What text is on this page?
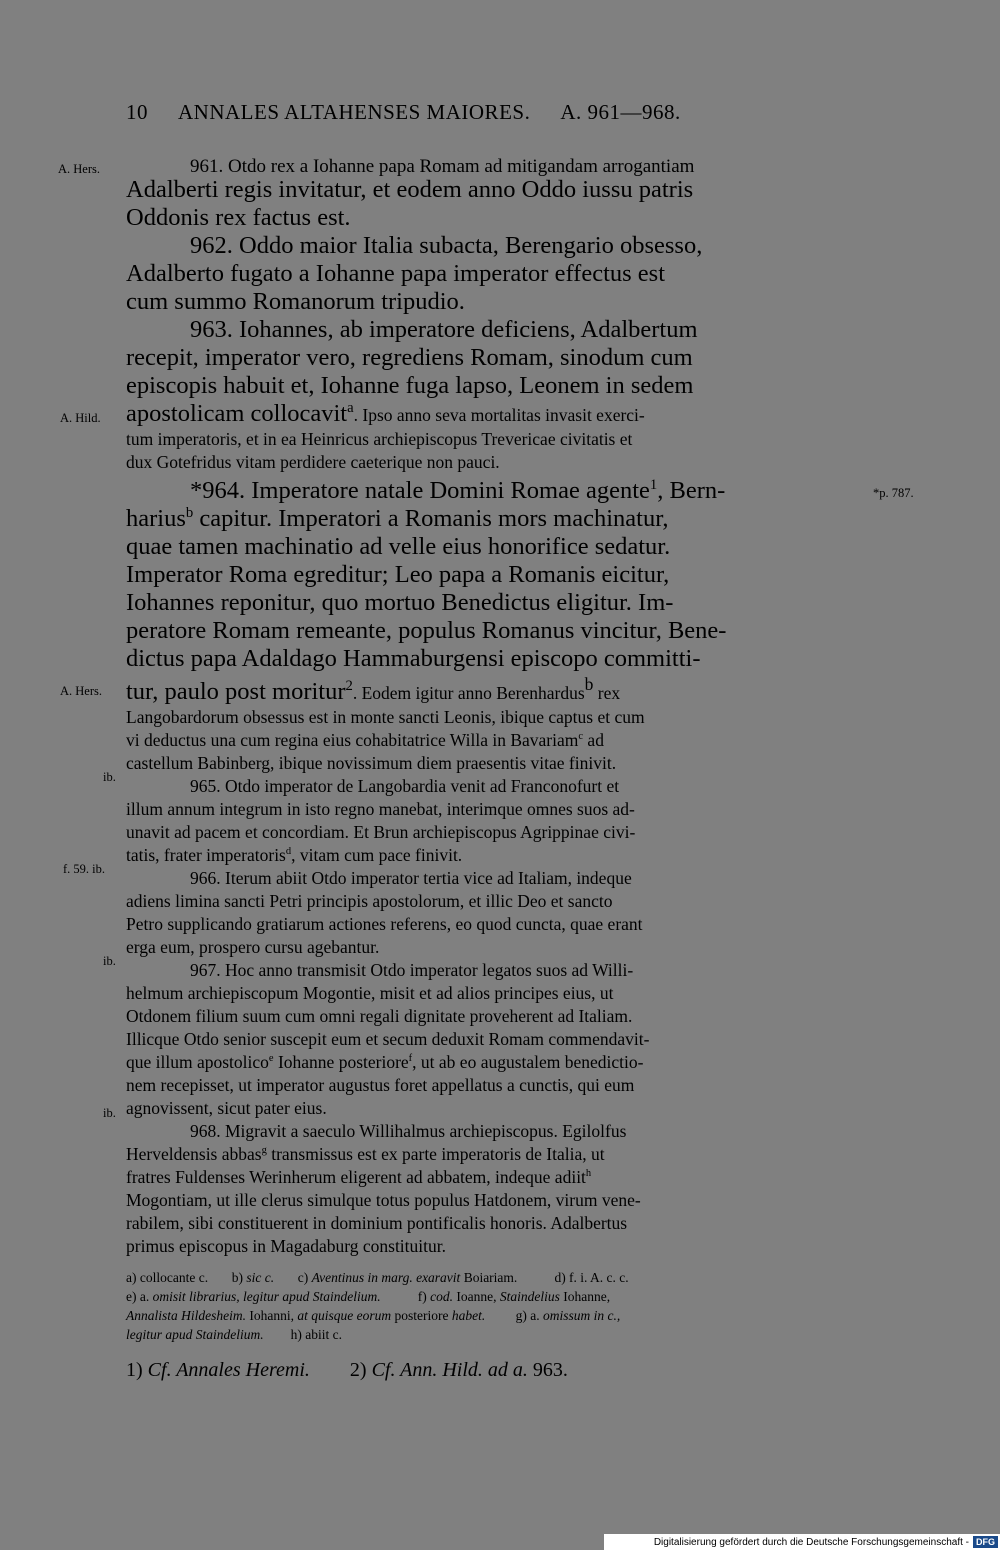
10 ANNALES ALTAHENSES MAIORES. A. 961—968.
A. Hers.
A. Hild.
*p. 787.
A. Hers.
ib.
f. 59. ib.
ib.
ib.
961. Otdo rex a Iohanne papa Romam ad mitigandam arrogantiam
Adalberti regis invitatur, et eodem anno Oddo iussu patris
Oddonis rex factus est.
962. Oddo maior Italia subacta, Berengario obsesso,
Adalberto fugato a Iohanne papa imperator effectus est
cum summo Romanorum tripudio.
963. Iohannes, ab imperatore deficiens, Adalbertum
recepit, imperator vero, regrediens Romam, sinodum cum
episcopis habuit et, Iohanne fuga lapso, Leonem in sedem
apostolicam collocavit$^a$. Ipso anno seva mortalitas invasit exerci-
tum imperatoris, et in ea Heinricus archiepiscopus Trevericae civitatis et
dux Gotefridus vitam perdidere caeterique non pauci.
*964. Imperatore natale Domini Romae agente$^1$, Bern-
harius$^b$ capitur. Imperatori a Romanis mors machinatur,
quae tamen machinatio ad velle eius honorifice sedatur.
Imperator Roma egreditur; Leo papa a Romanis eicitur,
Iohannes reponitur, quo mortuo Benedictus eligitur. Im-
peratore Romam remeante, populus Romanus vincitur, Bene-
dictus papa Adaldago Hammaburgensi episcopo committi-
tur, paulo post moritur$^2$. Eodem igitur anno Berenhardus$^b$ rex
Langobardorum obsessus est in monte sancti Leonis, ibique captus et cum
vi deductus una cum regina eius cohabitatrice Willa in Bavariam$^c$ ad
castellum Babinberg, ibique novissimum diem praesentis vitae finivit.
965. Otdo imperator de Langobardia venit ad Franconofurt et
illum annum integrum in isto regno manebat, interimque omnes suos ad-
unavit ad pacem et concordiam. Et Brun archiepiscopus Agrippinae civi-
tatis, frater imperatoris$^d$, vitam cum pace finivit.
966. Iterum abiit Otdo imperator tertia vice ad Italiam, indeque
adiens limina sancti Petri principis apostolorum, et illic Deo et sancto
Petro supplicando gratiarum actiones referens, eo quod cuncta, quae erant
erga eum, prospero cursu agebantur.
967. Hoc anno transmisit Otdo imperator legatos suos ad Willi-
helmum archiepiscopum Mogontie, misit et ad alios principes eius, ut
Otdonem filium suum cum omni regali dignitate proveherent ad Italiam.
Illicque Otdo senior suscepit eum et secum deduxit Romam commendavit-
que illum apostolico$^e$ Iohanne posteriore$^f$, ut ab eo augustalem benedictio-
nem recepisset, ut imperator augustus foret appellatus a cunctis, qui eum
agnovissent, sicut pater eius.
968. Migravit a saeculo Willihalmus archiepiscopus. Egilolfus
Herveldensis abbas$^g$ transmissus est ex parte imperatoris de Italia, ut
fratres Fuldenses Werinherum eligerent ad abbatem, indeque adiit$^h$
Mogontiam, ut ille clerus simulque totus populus Hatdonem, virum vene-
rabilem, sibi constituerent in dominium pontificalis honoris. Adalbertus
primus episcopus in Magadaburg constituitur.
a) collocante c. b) sic c. c) Aventinus in marg. exaravit Boiariam.	d) f. i. A. c. c.
e) a. omisit librarius, legitur apud Staindelium.	f) cod. Ioanne, Staindelius Iohanne,
Annalista Hildesheim. Iohanni, at quisque eorum posteriore habet. g) a. omissum in c.,
legitur apud Staindelium. h) abiit c.
1) Cf. Annales Heremi. 2) Cf. Ann. Hild. ad a. 963.
Digitalisierung gefördert durch die Deutsche Forschungsgemeinschaft - DFG
